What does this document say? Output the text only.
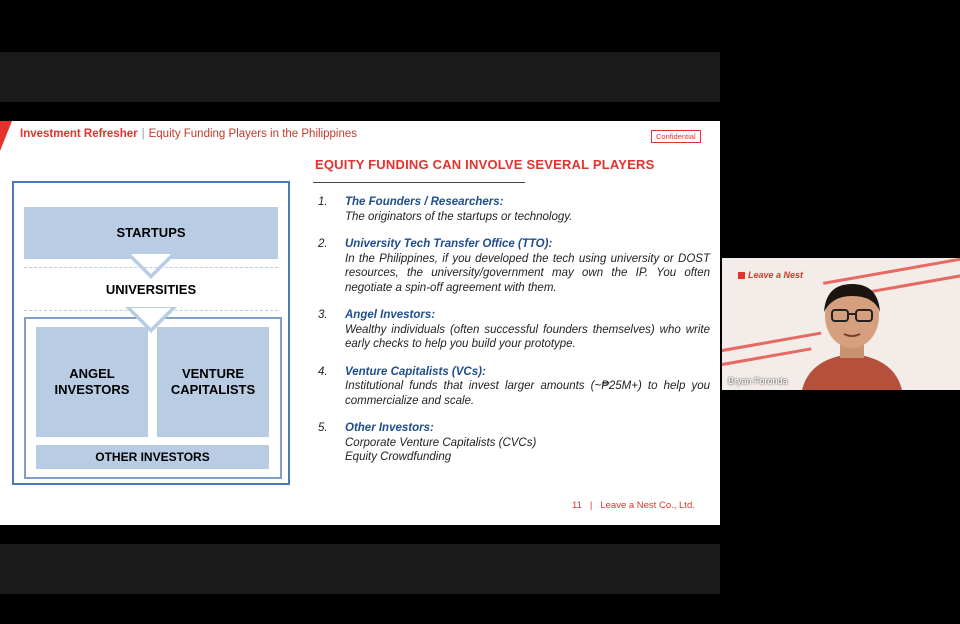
Investment Refresher | Equity Funding Players in the Philippines	Confidential
EQUITY FUNDING CAN INVOLVE SEVERAL PLAYERS
STARTUPS
UNIVERSITIES
ANGEL INVESTORS
VENTURE CAPITALISTS
OTHER INVESTORS
1. The Founders / Researchers:
The originators of the startups or technology.
2. University Tech Transfer Office (TTO):
In the Philippines, if you developed the tech using university or DOST resources, the university/government may own the IP. You often negotiate a spin-off agreement with them.
3. Angel Investors:
Wealthy individuals (often successful founders themselves) who write early checks to help you build your prototype.
4. Venture Capitalists (VCs):
Institutional funds that invest larger amounts (~₱25M+) to help you commercialize and scale.
5. Other Investors:
Corporate Venture Capitalists (CVCs)
Equity Crowdfunding
11 | Leave a Nest Co., Ltd.
Leave a Nest
Bryan Foronda
